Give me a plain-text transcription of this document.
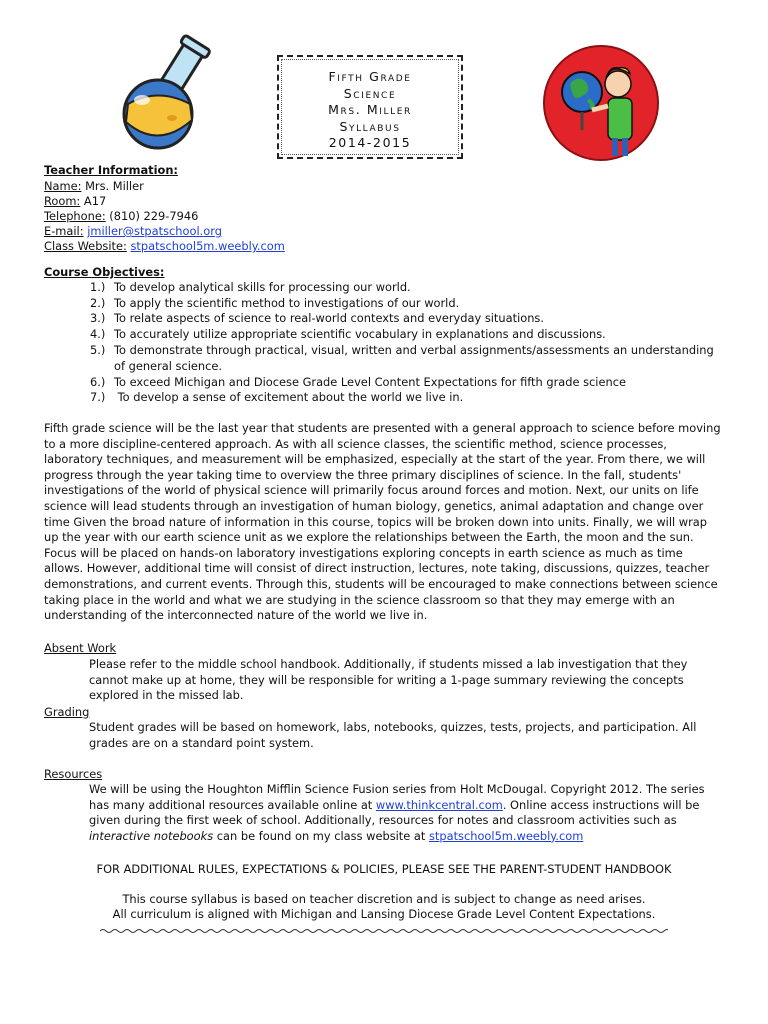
Fifth Grade
Science
Mrs. Miller
Syllabus
2014-2015
Teacher Information:
Name: Mrs. Miller
Room: A17
Telephone: (810) 229-7946
E-mail: jmiller@stpatschool.org
Class Website: stpatschool5m.weebly.com
Course Objectives:
1.) To develop analytical skills for processing our world.
2.) To apply the scientific method to investigations of our world.
3.) To relate aspects of science to real-world contexts and everyday situations.
4.) To accurately utilize appropriate scientific vocabulary in explanations and discussions.
5.) To demonstrate through practical, visual, written and verbal assignments/assessments an understanding of general science.
6.) To exceed Michigan and Diocese Grade Level Content Expectations for fifth grade science
7.) To develop a sense of excitement about the world we live in.
Fifth grade science will be the last year that students are presented with a general approach to science before moving to a more discipline-centered approach. As with all science classes, the scientific method, science processes, laboratory techniques, and measurement will be emphasized, especially at the start of the year. From there, we will progress through the year taking time to overview the three primary disciplines of science. In the fall, students' investigations of the world of physical science will primarily focus around forces and motion. Next, our units on life science will lead students through an investigation of human biology, genetics, animal adaptation and change over time Given the broad nature of information in this course, topics will be broken down into units. Finally, we will wrap up the year with our earth science unit as we explore the relationships between the Earth, the moon and the sun. Focus will be placed on hands-on laboratory investigations exploring concepts in earth science as much as time allows. However, additional time will consist of direct instruction, lectures, note taking, discussions, quizzes, teacher demonstrations, and current events. Through this, students will be encouraged to make connections between science taking place in the world and what we are studying in the science classroom so that they may emerge with an understanding of the interconnected nature of the world we live in.
Absent Work
Please refer to the middle school handbook. Additionally, if students missed a lab investigation that they cannot make up at home, they will be responsible for writing a 1-page summary reviewing the concepts explored in the missed lab.
Grading
Student grades will be based on homework, labs, notebooks, quizzes, tests, projects, and participation. All grades are on a standard point system.
Resources
We will be using the Houghton Mifflin Science Fusion series from Holt McDougal. Copyright 2012. The series has many additional resources available online at www.thinkcentral.com. Online access instructions will be given during the first week of school. Additionally, resources for notes and classroom activities such as interactive notebooks can be found on my class website at stpatschool5m.weebly.com
FOR ADDITIONAL RULES, EXPECTATIONS & POLICIES, PLEASE SEE THE PARENT-STUDENT HANDBOOK
This course syllabus is based on teacher discretion and is subject to change as need arises.
All curriculum is aligned with Michigan and Lansing Diocese Grade Level Content Expectations.
